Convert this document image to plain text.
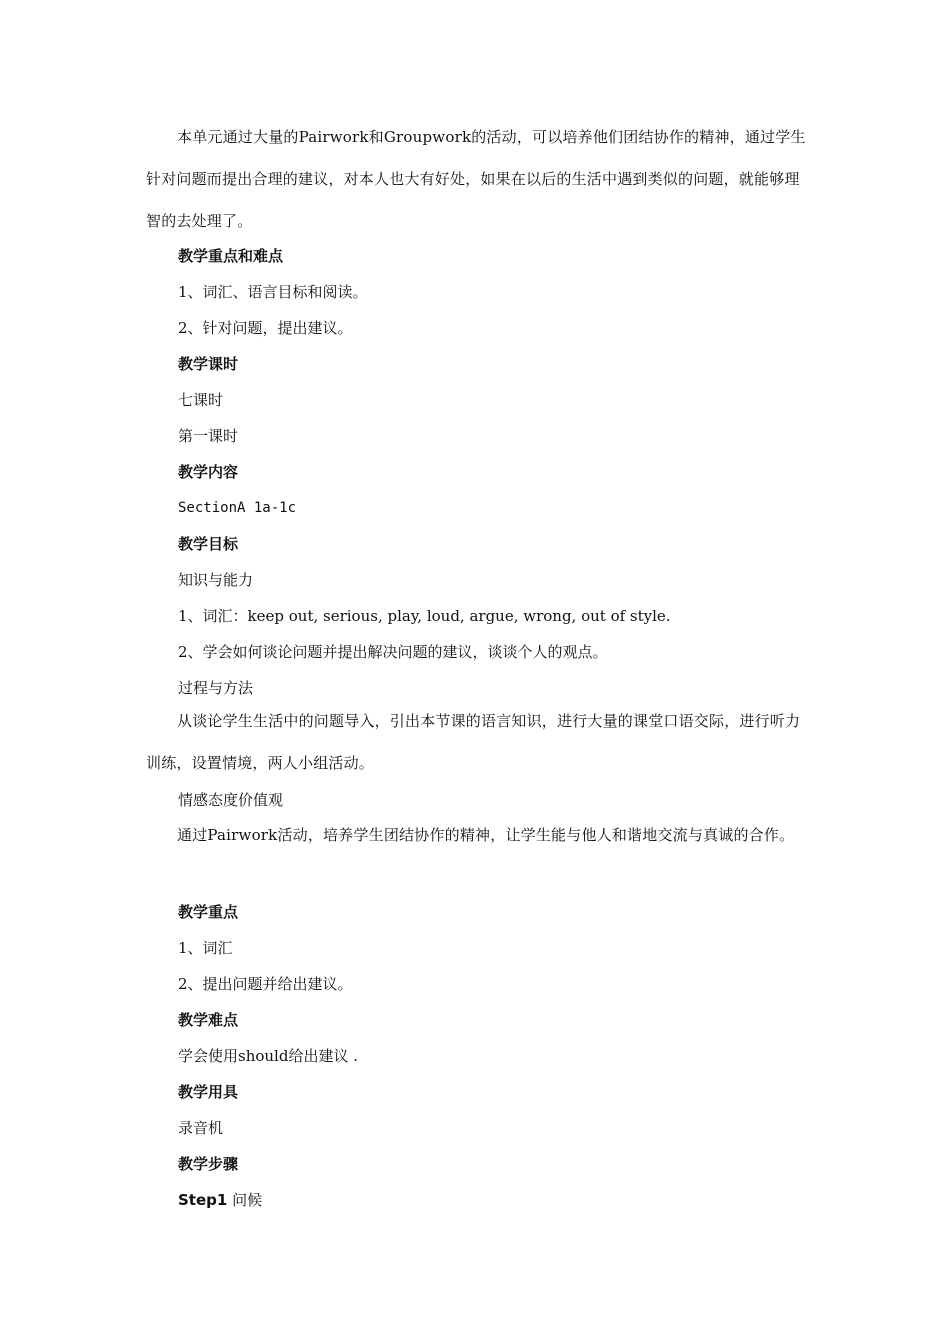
本单元通过大量的Pairwork和Groupwork的活动，可以培养他们团结协作的精神，通过学生针对问题而提出合理的建议，对本人也大有好处，如果在以后的生活中遇到类似的问题，就能够理智的去处理了。
教学重点和难点
1、词汇、语言目标和阅读。
2、针对问题，提出建议。
教学课时
七课时
第一课时
教学内容
SectionA 1a-1c
教学目标
知识与能力
1、词汇：keep out, serious, play, loud, argue, wrong, out of style.
2、学会如何谈论问题并提出解决问题的建议，谈谈个人的观点。
过程与方法
从谈论学生生活中的问题导入，引出本节课的语言知识，进行大量的课堂口语交际，进行听力训练，设置情境，两人小组活动。
情感态度价值观
通过Pairwork活动，培养学生团结协作的精神，让学生能与他人和谐地交流与真诚的合作。
教学重点
1、词汇
2、提出问题并给出建议。
教学难点
学会使用should给出建议 .
教学用具
录音机
教学步骤
Step1 问候
